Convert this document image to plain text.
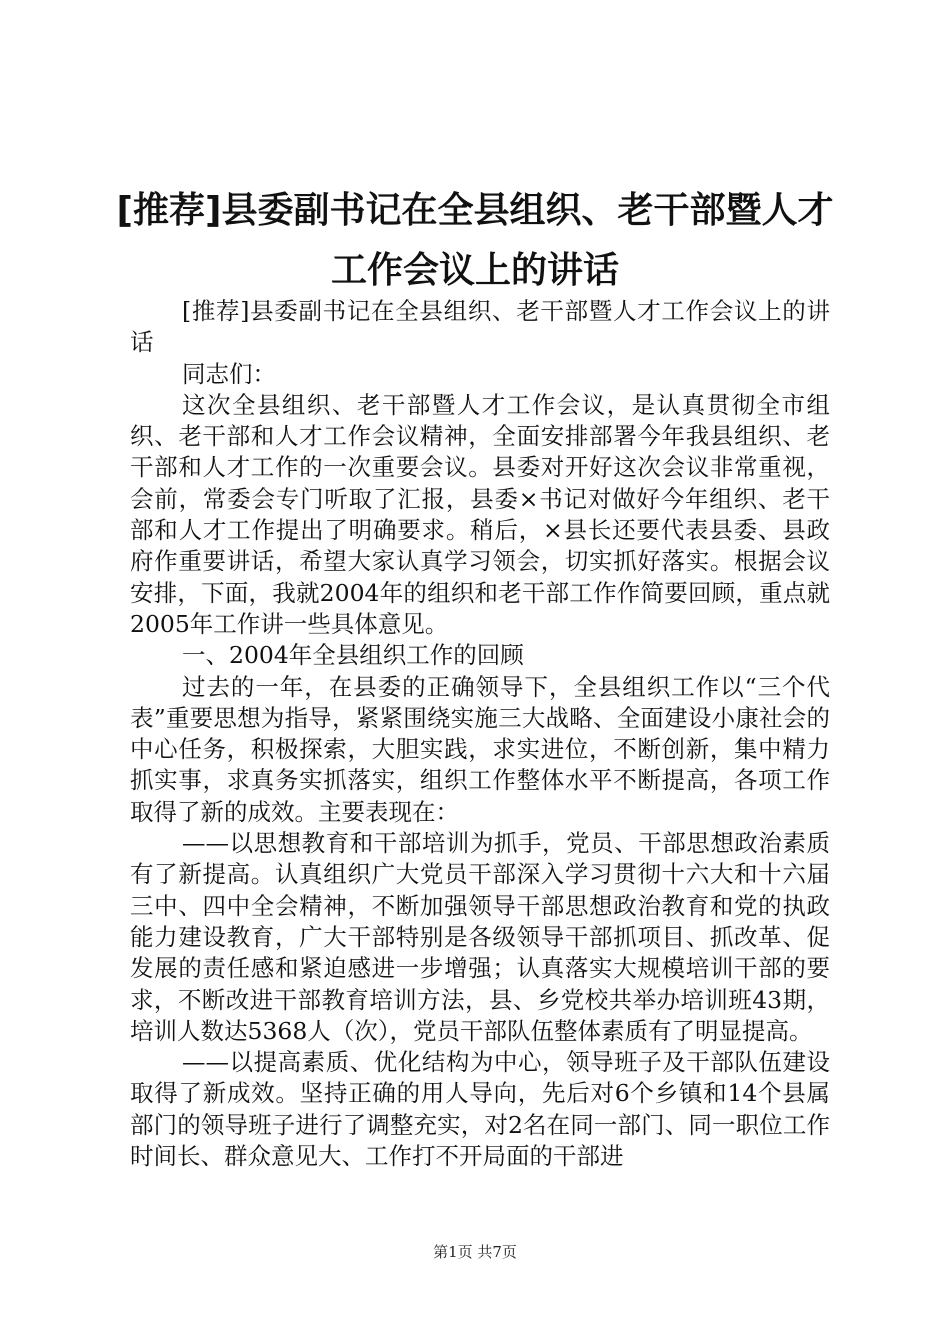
[推荐]县委副书记在全县组织、老干部暨人才
工作会议上的讲话

[推荐]县委副书记在全县组织、老干部暨人才工作会议上的讲话

同志们：

这次全县组织、老干部暨人才工作会议，是认真贯彻全市组织、老干部和人才工作会议精神，全面安排部署今年我县组织、老干部和人才工作的一次重要会议。县委对开好这次会议非常重视，会前，常委会专门听取了汇报，县委×书记对做好今年组织、老干部和人才工作提出了明确要求。稍后，×县长还要代表县委、县政府作重要讲话，希望大家认真学习领会，切实抓好落实。根据会议安排，下面，我就2004年的组织和老干部工作作简要回顾，重点就2005年工作讲一些具体意见。

一、2004年全县组织工作的回顾

过去的一年，在县委的正确领导下，全县组织工作以“三个代表”重要思想为指导，紧紧围绕实施三大战略、全面建设小康社会的中心任务，积极探索，大胆实践，求实进位，不断创新，集中精力抓实事，求真务实抓落实，组织工作整体水平不断提高，各项工作取得了新的成效。主要表现在：

——以思想教育和干部培训为抓手，党员、干部思想政治素质有了新提高。认真组织广大党员干部深入学习贯彻十六大和十六届三中、四中全会精神，不断加强领导干部思想政治教育和党的执政能力建设教育，广大干部特别是各级领导干部抓项目、抓改革、促发展的责任感和紧迫感进一步增强；认真落实大规模培训干部的要求，不断改进干部教育培训方法，县、乡党校共举办培训班43期，培训人数达5368人（次），党员干部队伍整体素质有了明显提高。

——以提高素质、优化结构为中心，领导班子及干部队伍建设取得了新成效。坚持正确的用人导向，先后对6个乡镇和14个县属部门的领导班子进行了调整充实，对2名在同一部门、同一职位工作时间长、群众意见大、工作打不开局面的干部进

第1页 共7页
